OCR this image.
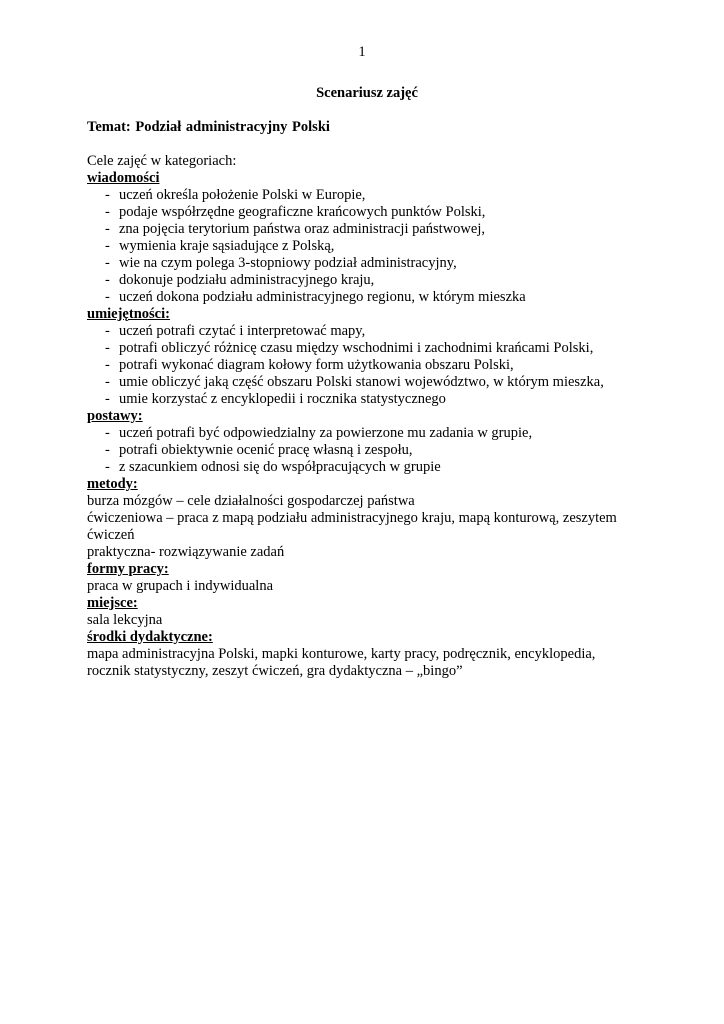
1

Scenariusz zajęć

Temat: Podział administracyjny Polski

Cele zajęć w kategoriach:

wiadomości

- uczeń określa położenie Polski w Europie,
- podaje współrzędne geograficzne krańcowych punktów Polski,
- zna pojęcia terytorium państwa oraz administracji państwowej,
- wymienia kraje sąsiadujące z Polską,
- wie na czym polega 3-stopniowy podział administracyjny,
- dokonuje podziału administracyjnego kraju,
- uczeń dokona podziału administracyjnego regionu, w którym mieszka

umiejętności:

- uczeń potrafi czytać i interpretować mapy,
- potrafi obliczyć różnicę czasu między wschodnimi i zachodnimi krańcami Polski,
- potrafi wykonać diagram kołowy form użytkowania obszaru Polski,
- umie obliczyć jaką część obszaru Polski stanowi województwo, w którym mieszka,
- umie korzystać z encyklopedii i rocznika statystycznego

postawy:

- uczeń potrafi być odpowiedzialny za powierzone mu zadania w grupie,
- potrafi obiektywnie ocenić pracę własną i zespołu,
- z szacunkiem odnosi się do współpracujących w grupie

metody:

burza mózgów – cele działalności gospodarczej państwa

ćwiczeniowa – praca z mapą podziału administracyjnego kraju, mapą konturową, zeszytem

ćwiczeń

praktyczna- rozwiązywanie zadań

formy pracy:

praca w grupach i indywidualna

miejsce:

sala lekcyjna

środki dydaktyczne:

mapa administracyjna Polski, mapki konturowe, karty pracy, podręcznik, encyklopedia,

rocznik statystyczny, zeszyt ćwiczeń, gra dydaktyczna – „bingo”
